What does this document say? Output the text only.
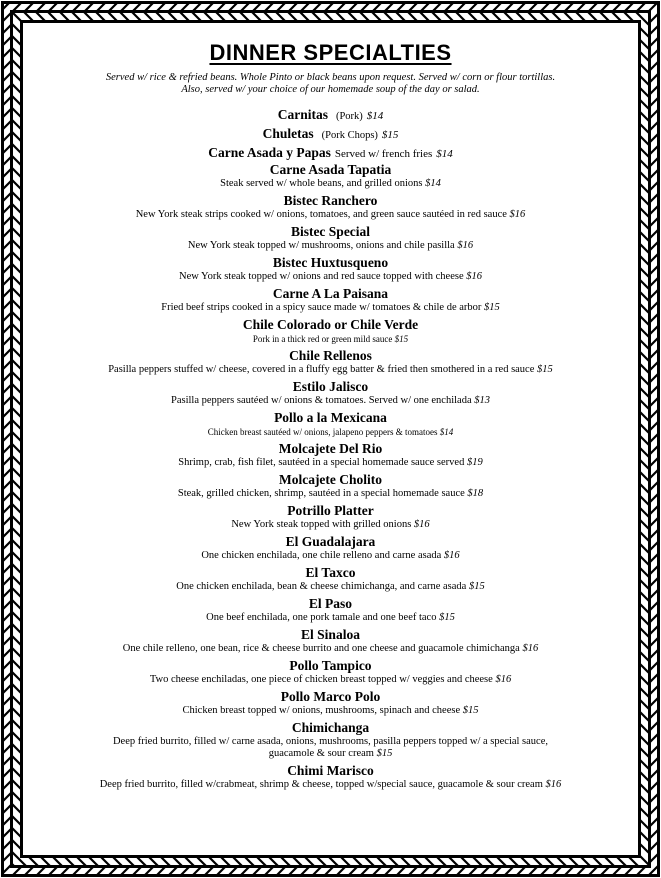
DINNER SPECIALTIES
Served w/ rice & refried beans. Whole Pinto or black beans upon request. Served w/ corn or flour tortillas.
Also, served w/ your choice of our homemade soup of the day or salad.
Carnitas (Pork) $14
Chuletas (Pork Chops) $15
Carne Asada y Papas Served w/ french fries $14
Carne Asada Tapatia
Steak served w/ whole beans, and grilled onions $14
Bistec Ranchero
New York steak strips cooked w/ onions, tomatoes, and green sauce sautéed in red sauce $16
Bistec Special
New York steak topped w/ mushrooms, onions and chile pasilla $16
Bistec Huxtusqueno
New York steak topped w/ onions and red sauce topped with cheese $16
Carne A La Paisana
Fried beef strips cooked in a spicy sauce made w/ tomatoes & chile de arbor $15
Chile Colorado or Chile Verde
Pork in a thick red or green mild sauce $15
Chile Rellenos
Pasilla peppers stuffed w/ cheese, covered in a fluffy egg batter & fried then smothered in a red sauce $15
Estilo Jalisco
Pasilla peppers sautéed w/ onions & tomatoes. Served w/ one enchilada $13
Pollo a la Mexicana
Chicken breast sautéed w/ onions, jalapeno peppers & tomatoes $14
Molcajete Del Rio
Shrimp, crab, fish filet, sautéed in a special homemade sauce served $19
Molcajete Cholito
Steak, grilled chicken, shrimp, sautéed in a special homemade sauce $18
Potrillo Platter
New York steak topped with grilled onions $16
El Guadalajara
One chicken enchilada, one chile relleno and carne asada $16
El Taxco
One chicken enchilada, bean & cheese chimichanga, and carne asada $15
El Paso
One beef enchilada, one pork tamale and one beef taco $15
El Sinaloa
One chile relleno, one bean, rice & cheese burrito and one cheese and guacamole chimichanga $16
Pollo Tampico
Two cheese enchiladas, one piece of chicken breast topped w/ veggies and cheese $16
Pollo Marco Polo
Chicken breast topped w/ onions, mushrooms, spinach and cheese $15
Chimichanga
Deep fried burrito, filled w/ carne asada, onions, mushrooms, pasilla peppers topped w/ a special sauce,
guacamole & sour cream $15
Chimi Marisco
Deep fried burrito, filled w/crabmeat, shrimp & cheese, topped w/special sauce, guacamole & sour cream $16
